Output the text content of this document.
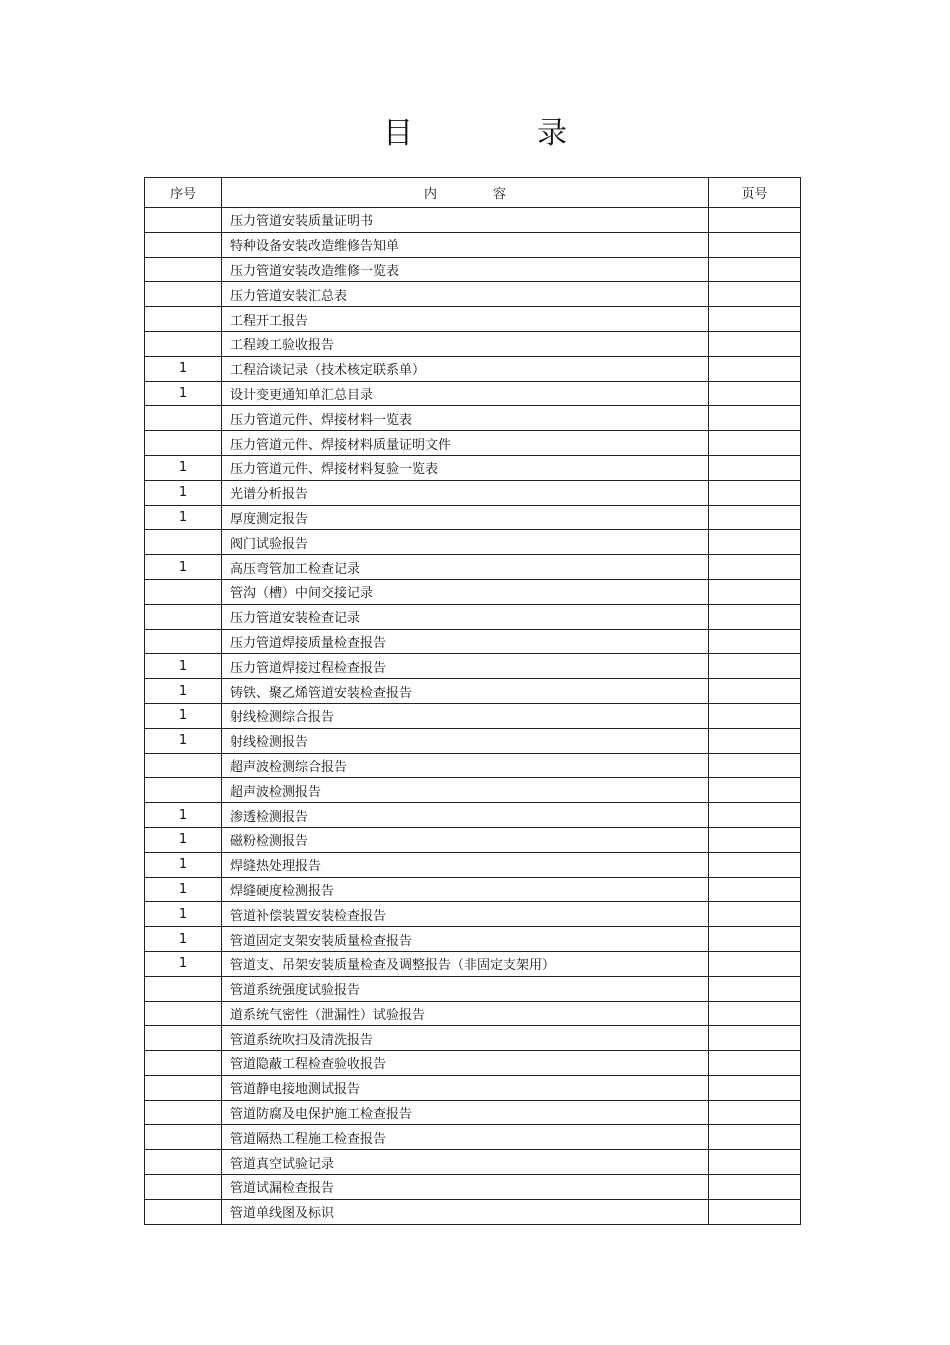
目	录
序号	内 容	页号
	压力管道安装质量证明书	
	特种设备安装改造维修告知单	
	压力管道安装改造维修一览表	
	压力管道安装汇总表	
	工程开工报告	
	工程竣工验收报告	
1	工程洽谈记录（技术核定联系单）	
1	设计变更通知单汇总目录	
	压力管道元件、焊接材料一览表	
	压力管道元件、焊接材料质量证明文件	
1	压力管道元件、焊接材料复验一览表	
1	光谱分析报告	
1	厚度测定报告	
	阀门试验报告	
1	高压弯管加工检查记录	
	管沟（槽）中间交接记录	
	压力管道安装检查记录	
	压力管道焊接质量检查报告	
1	压力管道焊接过程检查报告	
1	铸铁、聚乙烯管道安装检查报告	
1	射线检测综合报告	
1	射线检测报告	
	超声波检测综合报告	
	超声波检测报告	
1	渗透检测报告	
1	磁粉检测报告	
1	焊缝热处理报告	
1	焊缝硬度检测报告	
1	管道补偿装置安装检查报告	
1	管道固定支架安装质量检查报告	
1	管道支、吊架安装质量检查及调整报告（非固定支架用）	
	管道系统强度试验报告	
	道系统气密性（泄漏性）试验报告	
	管道系统吹扫及清洗报告	
	管道隐蔽工程检查验收报告	
	管道静电接地测试报告	
	管道防腐及电保护施工检查报告	
	管道隔热工程施工检查报告	
	管道真空试验记录	
	管道试漏检查报告	
	管道单线图及标识	
